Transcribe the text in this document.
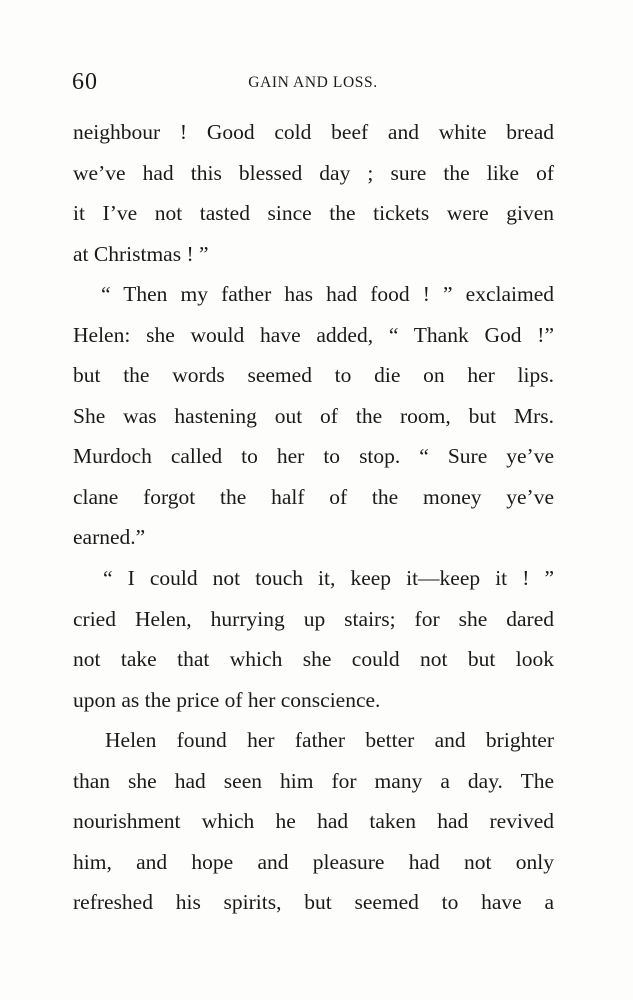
60	GAIN AND LOSS.
neighbour ! Good cold beef and white bread
we’ve had this blessed day ; sure the like of
it I’ve not tasted since the tickets were given
at Christmas ! ”
“ Then my father has had food ! ” exclaimed
Helen: she would have added, “ Thank God !”
but the words seemed to die on her lips.
She was hastening out of the room, but Mrs.
Murdoch called to her to stop. “ Sure ye’ve
clane forgot the half of the money ye’ve
earned.”
“ I could not touch it, keep it—keep it ! ”
cried Helen, hurrying up stairs; for she dared
not take that which she could not but look
upon as the price of her conscience.
Helen found her father better and brighter
than she had seen him for many a day. The
nourishment which he had taken had revived
him, and hope and pleasure had not only
refreshed his spirits, but seemed to have a
